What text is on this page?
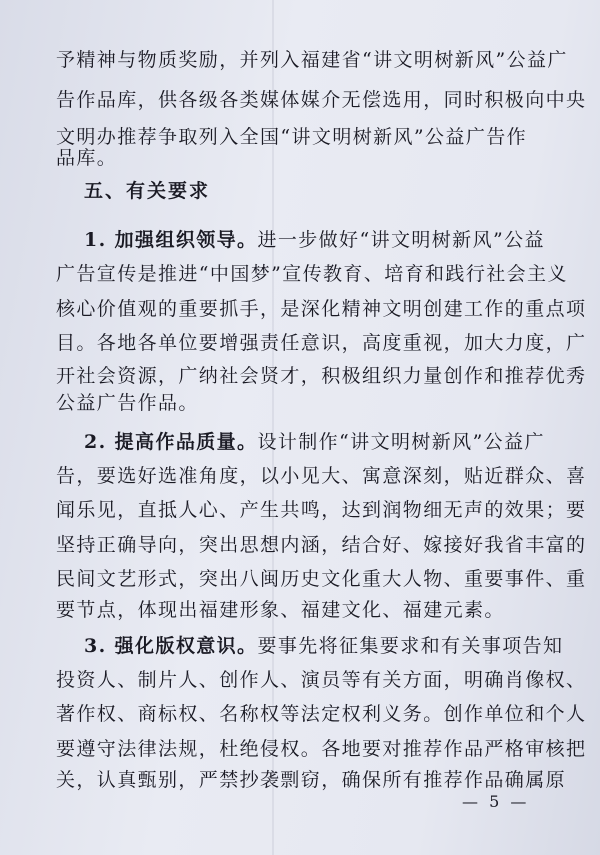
予精神与物质奖励，并列入福建省“讲文明树新风”公益广
告作品库，供各级各类媒体媒介无偿选用，同时积极向中央
文明办推荐争取列入全国“讲文明树新风”公益广告作
品库。
五、有关要求
1. 加强组织领导。进一步做好“讲文明树新风”公益
广告宣传是推进“中国梦”宣传教育、培育和践行社会主义
核心价值观的重要抓手，是深化精神文明创建工作的重点项
目。各地各单位要增强责任意识，高度重视，加大力度，广
开社会资源，广纳社会贤才，积极组织力量创作和推荐优秀
公益广告作品。
2. 提高作品质量。设计制作“讲文明树新风”公益广
告，要选好选准角度，以小见大、寓意深刻，贴近群众、喜
闻乐见，直抵人心、产生共鸣，达到润物细无声的效果；要
坚持正确导向，突出思想内涵，结合好、嫁接好我省丰富的
民间文艺形式，突出八闽历史文化重大人物、重要事件、重
要节点，体现出福建形象、福建文化、福建元素。
3. 强化版权意识。要事先将征集要求和有关事项告知
投资人、制片人、创作人、演员等有关方面，明确肖像权、
著作权、商标权、名称权等法定权利义务。创作单位和个人
要遵守法律法规，杜绝侵权。各地要对推荐作品严格审核把
关，认真甄别，严禁抄袭剽窃，确保所有推荐作品确属原
— 5 —
